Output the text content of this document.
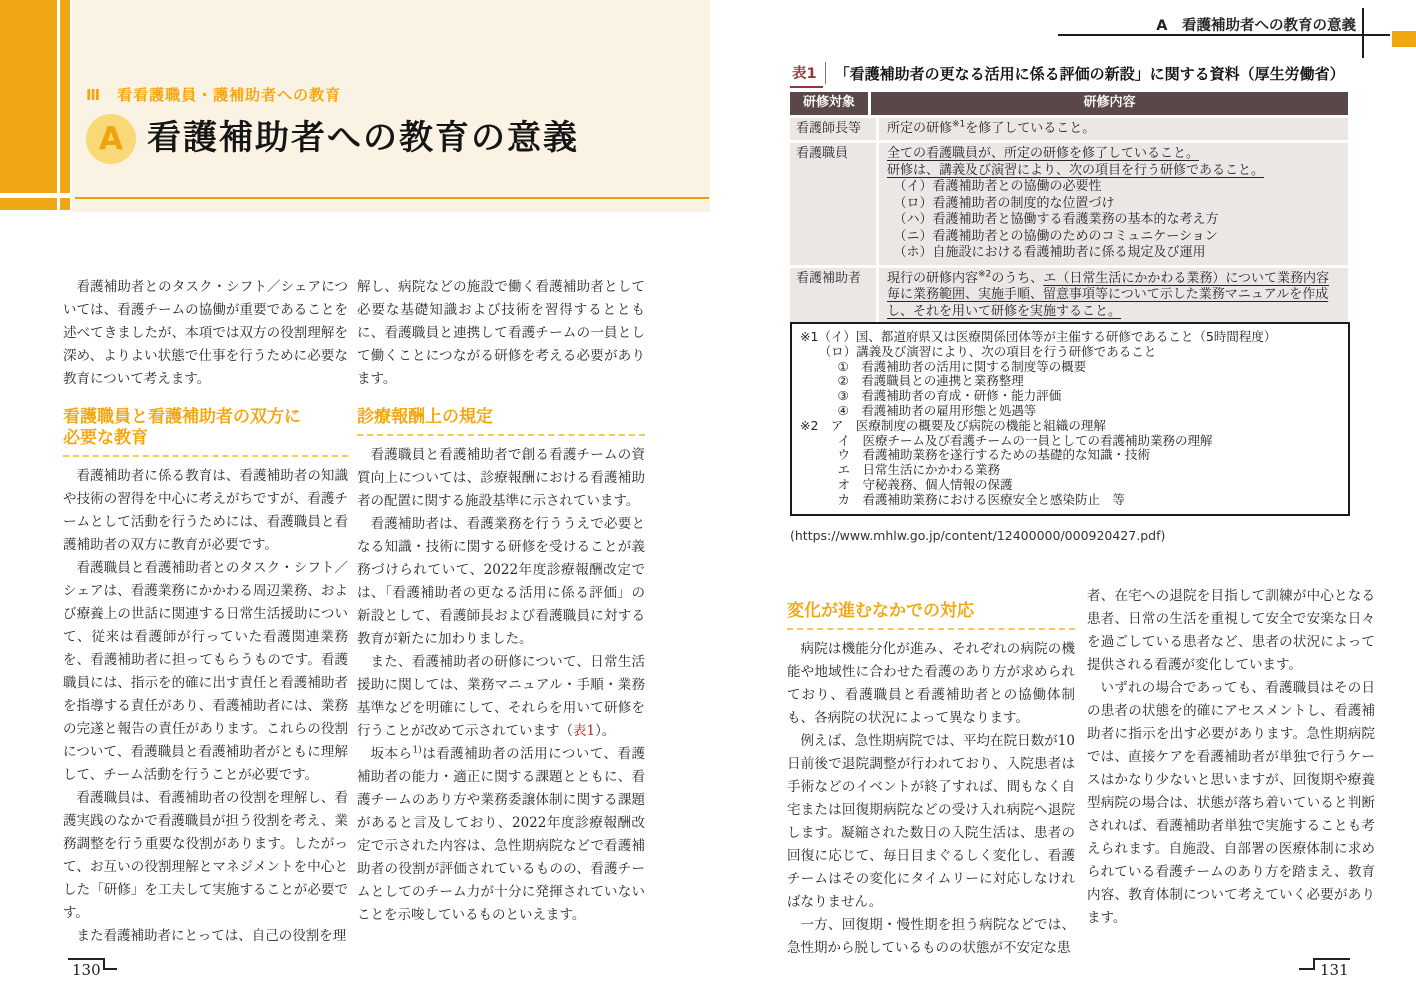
Ⅲ　看看護職員・護補助者への教育
A 看護補助者への教育の意義

看護補助者とのタスク・シフト／シェアについては、看護チームの協働が重要であることを述べてきましたが、本項では双方の役割理解を深め、よりよい状態で仕事を行うために必要な教育について考えます。

看護職員と看護補助者の双方に
必要な教育

看護補助者に係る教育は、看護補助者の知識や技術の習得を中心に考えがちですが、看護チームとして活動を行うためには、看護職員と看護補助者の双方に教育が必要です。

看護職員と看護補助者とのタスク・シフト／シェアは、看護業務にかかわる周辺業務、および療養上の世話に関連する日常生活援助について、従来は看護師が行っていた看護関連業務を、看護補助者に担ってもらうものです。看護職員には、指示を的確に出す責任と看護補助者を指導する責任があり、看護補助者には、業務の完遂と報告の責任があります。これらの役割について、看護職員と看護補助者がともに理解して、チーム活動を行うことが必要です。

看護職員は、看護補助者の役割を理解し、看護実践のなかで看護職員が担う役割を考え、業務調整を行う重要な役割があります。したがって、お互いの役割理解とマネジメントを中心とした「研修」を工夫して実施することが必要です。

また看護補助者にとっては、自己の役割を理

解し、病院などの施設で働く看護補助者として必要な基礎知識および技術を習得するとともに、看護職員と連携して看護チームの一員として働くことにつながる研修を考える必要があります。

診療報酬上の規定

看護職員と看護補助者で創る看護チームの資質向上については、診療報酬における看護補助者の配置に関する施設基準に示されています。

看護補助者は、看護業務を行ううえで必要となる知識・技術に関する研修を受けることが義務づけられていて、2022年度診療報酬改定では、「看護補助者の更なる活用に係る評価」の新設として、看護師長および看護職員に対する教育が新たに加わりました。

また、看護補助者の研修について、日常生活援助に関しては、業務マニュアル・手順・業務基準などを明確にして、それらを用いて研修を行うことが改めて示されています（表1）。

坂本ら$^{1)}$は看護補助者の活用について、看護補助者の能力・適正に関する課題とともに、看護チームのあり方や業務委譲体制に関する課題があると言及しており、2022年度診療報酬改定で示された内容は、急性期病院などで看護補助者の役割が評価されているものの、看護チームとしてのチーム力が十分に発揮されていないことを示唆しているものといえます。

130
A　看護補助者への教育の意義
表1	「看護補助者の更なる活用に係る評価の新設」に関する資料（厚生労働省）
研修対象	研修内容
看護師長等	所定の研修$^{※1}$を修了していること。
看護職員	全ての看護職員が、所定の研修を修了していること。
研修は、講義及び演習により、次の項目を行う研修であること。
　（イ）看護補助者との協働の必要性
　（ロ）看護補助者の制度的な位置づけ
　（ハ）看護補助者と協働する看護業務の基本的な考え方
　（ニ）看護補助者との協働のためのコミュニケーション
　（ホ）自施設における看護補助者に係る規定及び運用
看護補助者	現行の研修内容$^{※2}$のうち、エ（日常生活にかかわる業務）について業務内容毎に業務範囲、実施手順、留意事項等について示した業務マニュアルを作成し、それを用いて研修を実施すること。
※1（イ）国、都道府県又は医療関係団体等が主催する研修であること（5時間程度）
　　（ロ）講義及び演習により、次の項目を行う研修であること
　　　①　看護補助者の活用に関する制度等の概要
　　　②　看護職員との連携と業務整理
　　　③　看護補助者の育成・研修・能力評価
　　　④　看護補助者の雇用形態と処遇等
※2　ア　医療制度の概要及び病院の機能と組織の理解
　　　イ　医療チーム及び看護チームの一員としての看護補助業務の理解
　　　ウ　看護補助業務を遂行するための基礎的な知識・技術
　　　エ　日常生活にかかわる業務
　　　オ　守秘義務、個人情報の保護
　　　カ　看護補助業務における医療安全と感染防止　等
(https://www.mhlw.go.jp/content/12400000/000920427.pdf)
変化が進むなかでの対応

病院は機能分化が進み、それぞれの病院の機能や地域性に合わせた看護のあり方が求められており、看護職員と看護補助者との協働体制も、各病院の状況によって異なります。

例えば、急性期病院では、平均在院日数が10日前後で退院調整が行われており、入院患者は手術などのイベントが終了すれば、間もなく自宅または回復期病院などの受け入れ病院へ退院します。凝縮された数日の入院生活は、患者の回復に応じて、毎日目まぐるしく変化し、看護チームはその変化にタイムリーに対応しなければなりません。

一方、回復期・慢性期を担う病院などでは、急性期から脱しているものの状態が不安定な患

者、在宅への退院を目指して訓練が中心となる患者、日常の生活を重視して安全で安楽な日々を過ごしている患者など、患者の状況によって提供される看護が変化しています。

いずれの場合であっても、看護職員はその日の患者の状態を的確にアセスメントし、看護補助者に指示を出す必要があります。急性期病院では、直接ケアを看護補助者が単独で行うケースはかなり少ないと思いますが、回復期や療養型病院の場合は、状態が落ち着いていると判断されれば、看護補助者単独で実施することも考えられます。自施設、自部署の医療体制に求められている看護チームのあり方を踏まえ、教育内容、教育体制について考えていく必要があります。

131
